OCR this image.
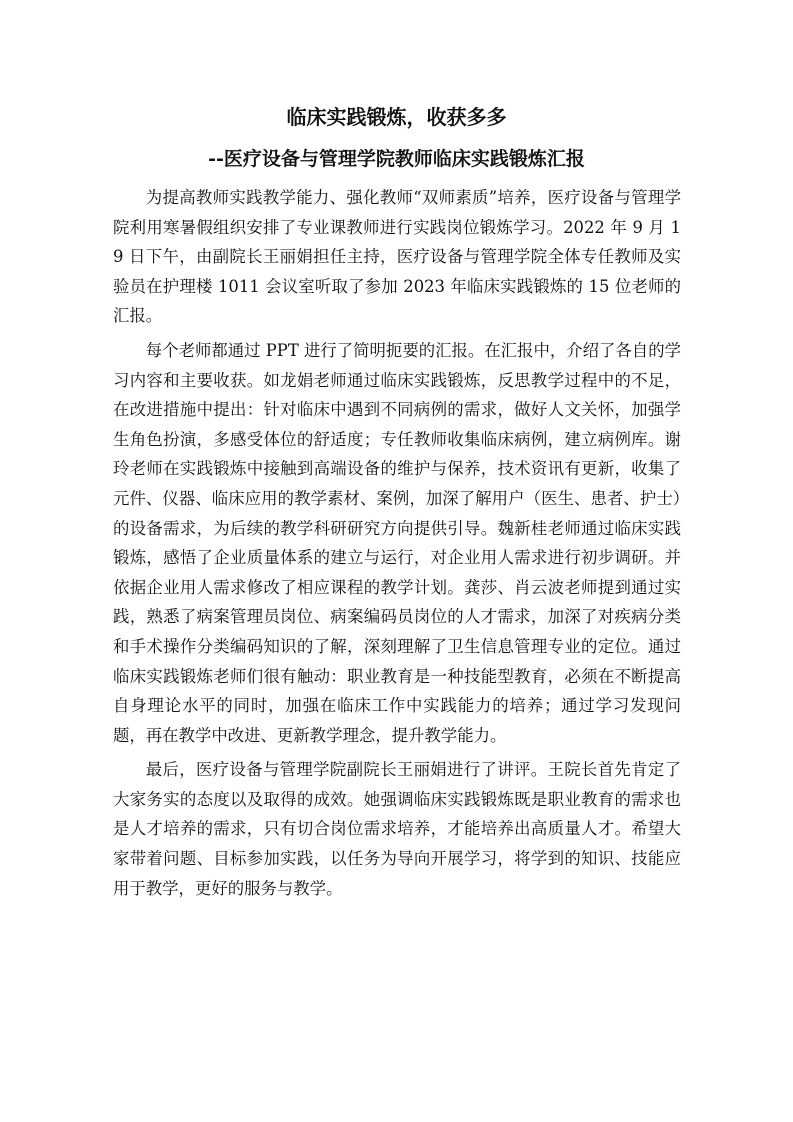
临床实践锻炼，收获多多
--医疗设备与管理学院教师临床实践锻炼汇报

为提高教师实践教学能力、强化教师“双师素质”培养，医疗设备与管理学院利用寒暑假组织安排了专业课教师进行实践岗位锻炼学习。2022 年 9 月 19 日下午，由副院长王丽娟担任主持，医疗设备与管理学院全体专任教师及实验员在护理楼 1011 会议室听取了参加 2023 年临床实践锻炼的 15 位老师的汇报。

每个老师都通过 PPT 进行了简明扼要的汇报。在汇报中，介绍了各自的学习内容和主要收获。如龙娟老师通过临床实践锻炼，反思教学过程中的不足，在改进措施中提出：针对临床中遇到不同病例的需求，做好人文关怀，加强学生角色扮演，多感受体位的舒适度；专任教师收集临床病例，建立病例库。谢玲老师在实践锻炼中接触到高端设备的维护与保养，技术资讯有更新，收集了元件、仪器、临床应用的教学素材、案例，加深了解用户（医生、患者、护士）的设备需求，为后续的教学科研研究方向提供引导。魏新桂老师通过临床实践锻炼，感悟了企业质量体系的建立与运行，对企业用人需求进行初步调研。并依据企业用人需求修改了相应课程的教学计划。龚莎、肖云波老师提到通过实践，熟悉了病案管理员岗位、病案编码员岗位的人才需求，加深了对疾病分类和手术操作分类编码知识的了解，深刻理解了卫生信息管理专业的定位。通过临床实践锻炼老师们很有触动：职业教育是一种技能型教育，必须在不断提高自身理论水平的同时，加强在临床工作中实践能力的培养；通过学习发现问题，再在教学中改进、更新教学理念，提升教学能力。

最后，医疗设备与管理学院副院长王丽娟进行了讲评。王院长首先肯定了大家务实的态度以及取得的成效。她强调临床实践锻炼既是职业教育的需求也是人才培养的需求，只有切合岗位需求培养，才能培养出高质量人才。希望大家带着问题、目标参加实践，以任务为导向开展学习，将学到的知识、技能应用于教学，更好的服务与教学。
